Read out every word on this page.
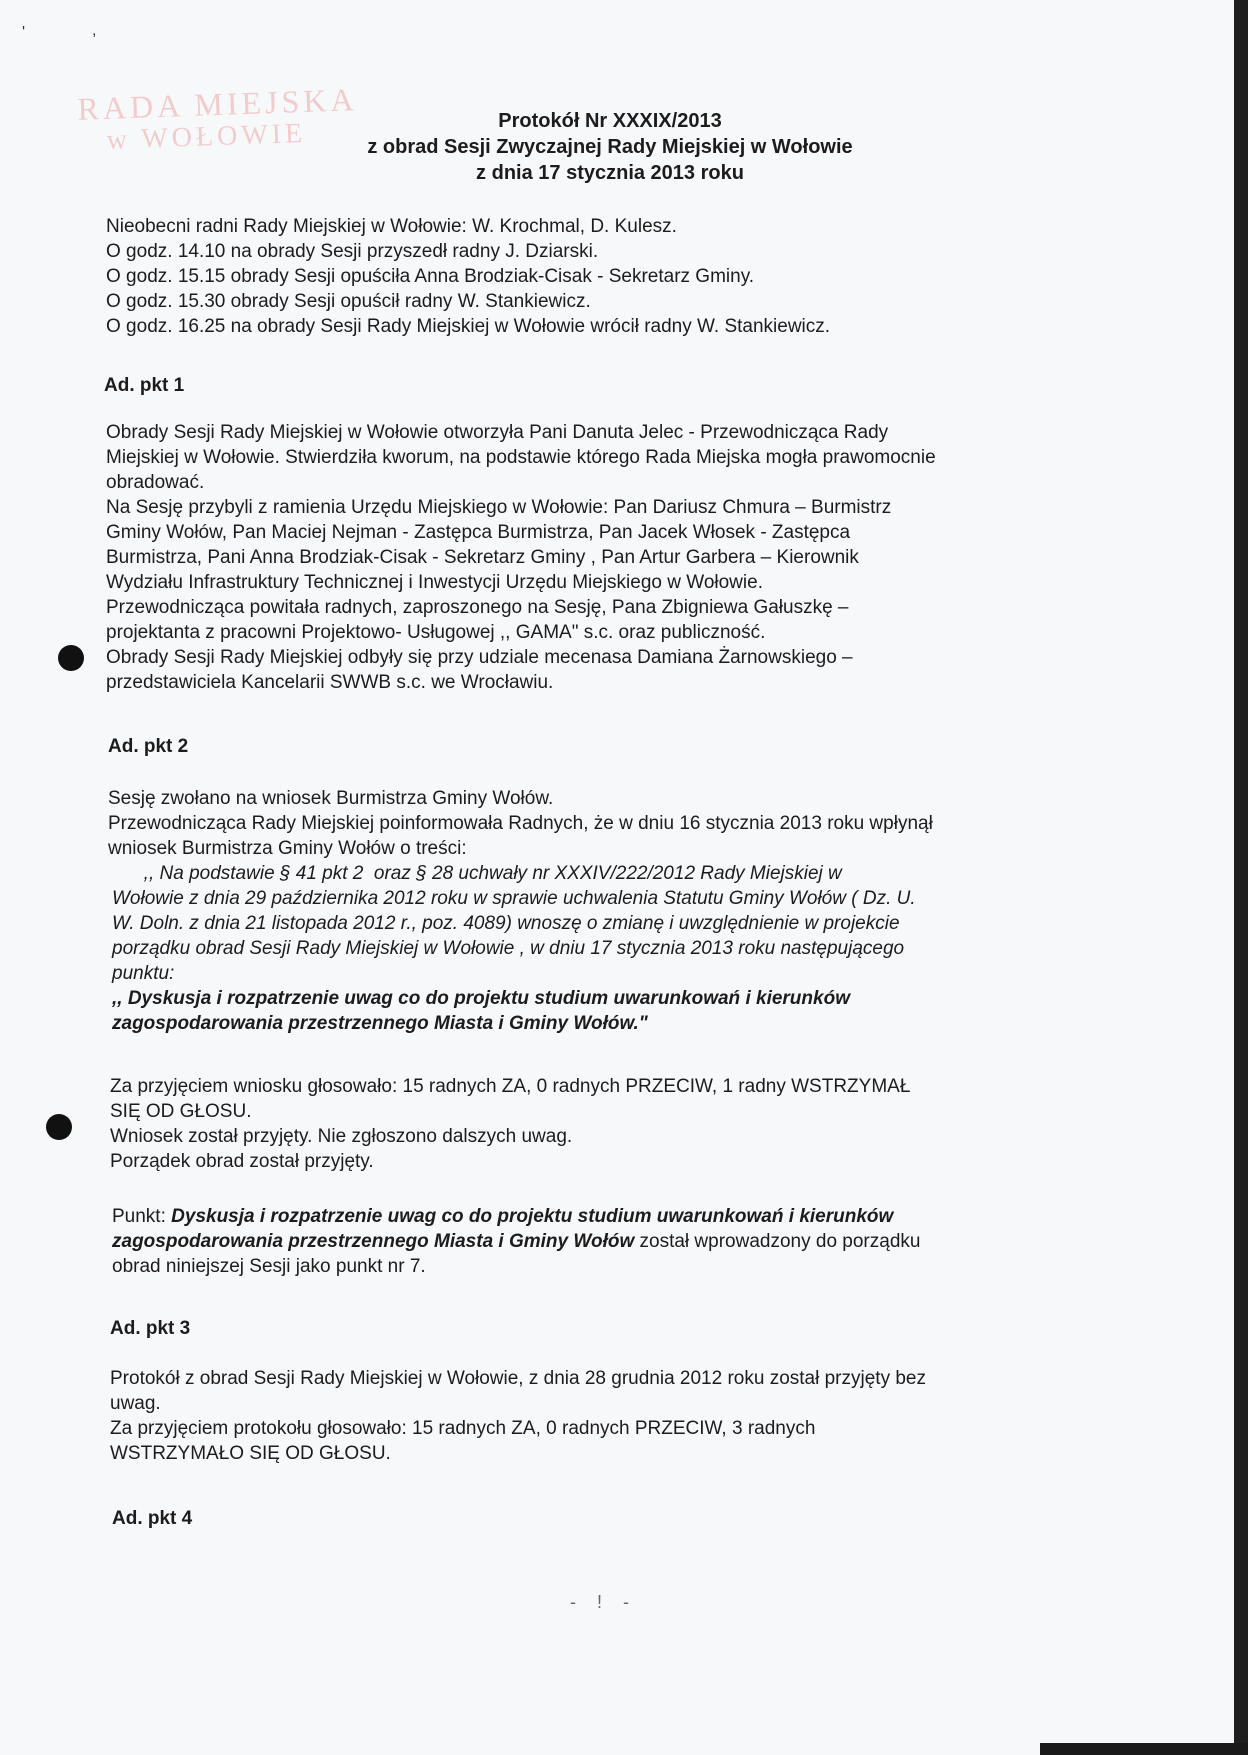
'	,
RADA MIEJSKA
w WOŁOWIE	Protokół Nr XXXIX/2013
z obrad Sesji Zwyczajnej Rady Miejskiej w Wołowie
z dnia 17 stycznia 2013 roku

Nieobecni radni Rady Miejskiej w Wołowie: W. Krochmal, D. Kulesz.

O godz. 14.10 na obrady Sesji przyszedł radny J. Dziarski.

O godz. 15.15 obrady Sesji opuściła Anna Brodziak-Cisak - Sekretarz Gminy.

O godz. 15.30 obrady Sesji opuścił radny W. Stankiewicz.

O godz. 16.25 na obrady Sesji Rady Miejskiej w Wołowie wrócił radny W. Stankiewicz.

Ad. pkt 1

Obrady Sesji Rady Miejskiej w Wołowie otworzyła Pani Danuta Jelec - Przewodnicząca Rady

Miejskiej w Wołowie. Stwierdziła kworum, na podstawie którego Rada Miejska mogła prawomocnie

obradować.

Na Sesję przybyli z ramienia Urzędu Miejskiego w Wołowie: Pan Dariusz Chmura – Burmistrz

Gminy Wołów, Pan Maciej Nejman - Zastępca Burmistrza, Pan Jacek Włosek - Zastępca

Burmistrza, Pani Anna Brodziak-Cisak - Sekretarz Gminy , Pan Artur Garbera – Kierownik

Wydziału Infrastruktury Technicznej i Inwestycji Urzędu Miejskiego w Wołowie.

Przewodnicząca powitała radnych, zaproszonego na Sesję, Pana Zbigniewa Gałuszkę –

projektanta z pracowni Projektowo- Usługowej ,, GAMA" s.c. oraz publiczność.

Obrady Sesji Rady Miejskiej odbyły się przy udziale mecenasa Damiana Żarnowskiego –

przedstawiciela Kancelarii SWWB s.c. we Wrocławiu.

Ad. pkt 2

Sesję zwołano na wniosek Burmistrza Gminy Wołów.

Przewodnicząca Rady Miejskiej poinformowała Radnych, że w dniu 16 stycznia 2013 roku wpłynął

wniosek Burmistrza Gminy Wołów o treści:

,, Na podstawie § 41 pkt 2  oraz § 28 uchwały nr XXXIV/222/2012 Rady Miejskiej w

Wołowie z dnia 29 października 2012 roku w sprawie uchwalenia Statutu Gminy Wołów ( Dz. U.

W. Doln. z dnia 21 listopada 2012 r., poz. 4089) wnoszę o zmianę i uwzględnienie w projekcie

porządku obrad Sesji Rady Miejskiej w Wołowie , w dniu 17 stycznia 2013 roku następującego

punktu:

,, Dyskusja i rozpatrzenie uwag co do projektu studium uwarunkowań i kierunków

zagospodarowania przestrzennego Miasta i Gminy Wołów."

Za przyjęciem wniosku głosowało: 15 radnych ZA, 0 radnych PRZECIW, 1 radny WSTRZYMAŁ

SIĘ OD GŁOSU.

Wniosek został przyjęty. Nie zgłoszono dalszych uwag.

Porządek obrad został przyjęty.

Punkt: Dyskusja i rozpatrzenie uwag co do projektu studium uwarunkowań i kierunków

zagospodarowania przestrzennego Miasta i Gminy Wołów został wprowadzony do porządku

obrad niniejszej Sesji jako punkt nr 7.

Ad. pkt 3

Protokół z obrad Sesji Rady Miejskiej w Wołowie, z dnia 28 grudnia 2012 roku został przyjęty bez

uwag.

Za przyjęciem protokołu głosowało: 15 radnych ZA, 0 radnych PRZECIW, 3 radnych

WSTRZYMAŁO SIĘ OD GŁOSU.

Ad. pkt 4
- ! -
